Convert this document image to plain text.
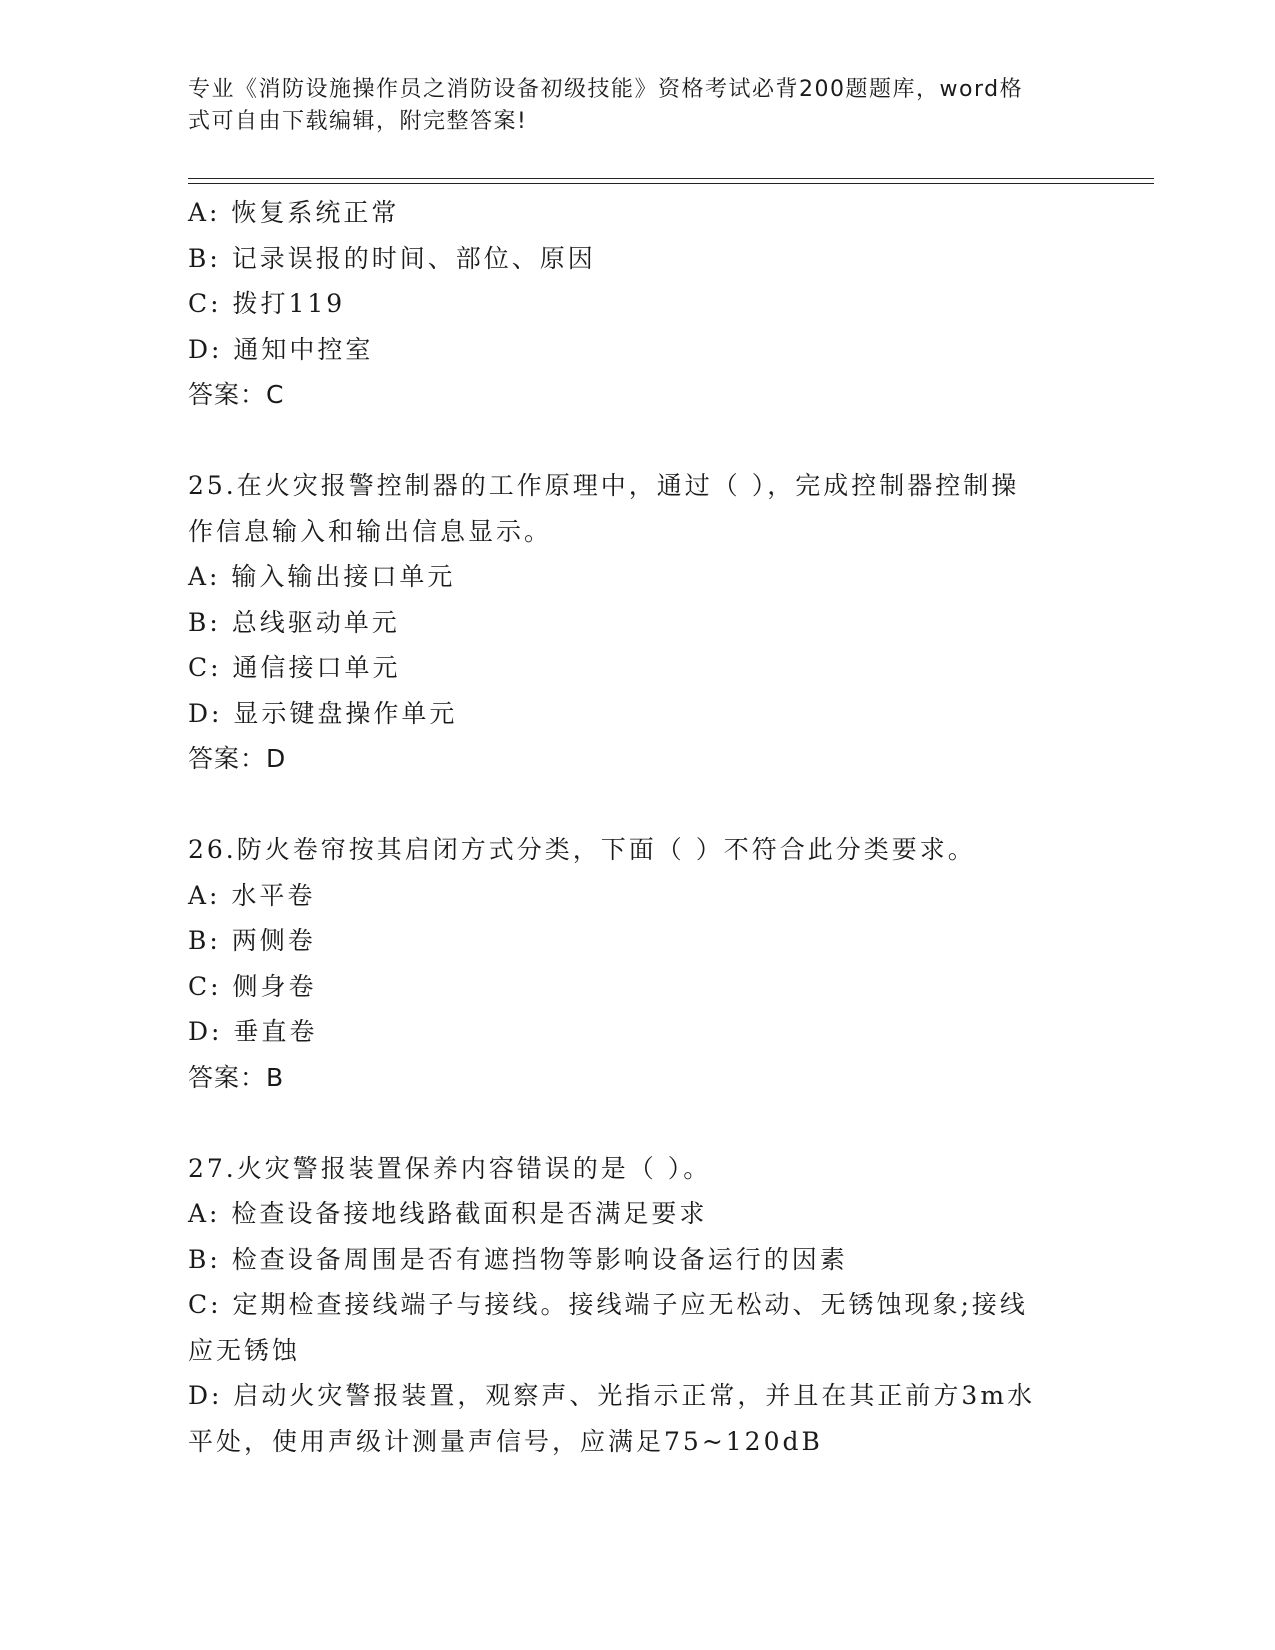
专业《消防设施操作员之消防设备初级技能》资格考试必背200题题库，word格
式可自由下载编辑，附完整答案!
A: 恢复系统正常
B: 记录误报的时间、部位、原因
C: 拨打119
D: 通知中控室
答案：C
25.在火灾报警控制器的工作原理中，通过（ ），完成控制器控制操
作信息输入和输出信息显示。
A: 输入输出接口单元
B: 总线驱动单元
C: 通信接口单元
D: 显示键盘操作单元
答案：D
26.防火卷帘按其启闭方式分类，下面（ ）不符合此分类要求。
A: 水平卷
B: 两侧卷
C: 侧身卷
D: 垂直卷
答案：B
27.火灾警报装置保养内容错误的是（ ）。
A: 检查设备接地线路截面积是否满足要求
B: 检查设备周围是否有遮挡物等影响设备运行的因素
C: 定期检查接线端子与接线。接线端子应无松动、无锈蚀现象;接线
应无锈蚀
D: 启动火灾警报装置，观察声、光指示正常，并且在其正前方3m水
平处，使用声级计测量声信号，应满足75~120dB
